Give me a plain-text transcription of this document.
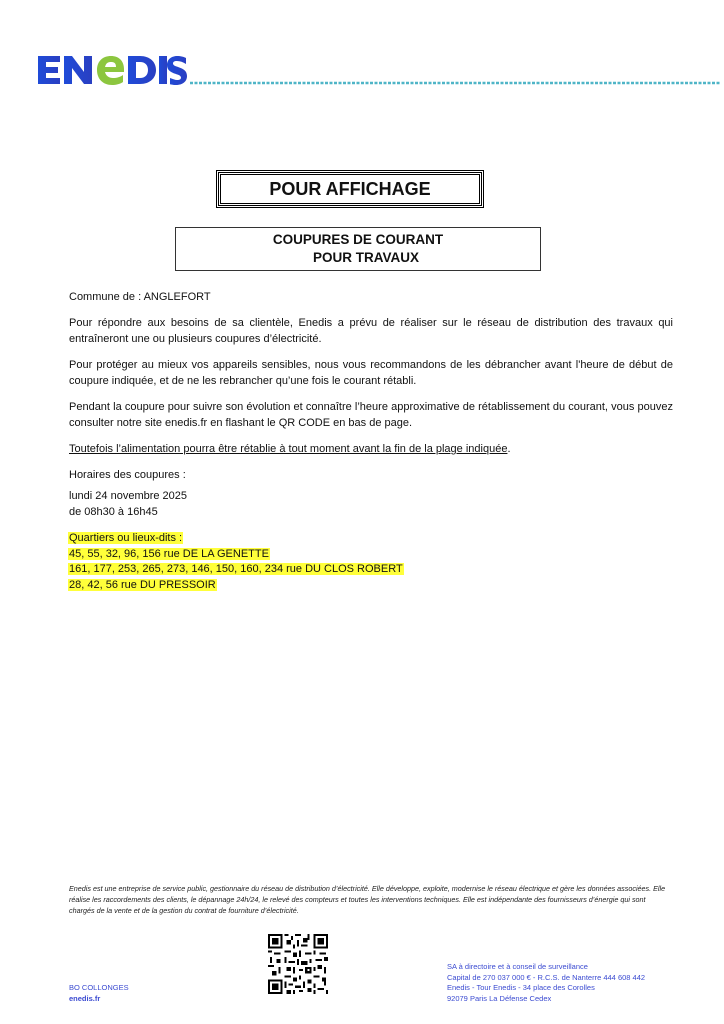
POUR AFFICHAGE
COUPURES DE COURANT
POUR TRAVAUX

Commune de : ANGLEFORT

Pour répondre aux besoins de sa clientèle, Enedis a prévu de réaliser sur le réseau de distribution des travaux qui entraîneront une ou plusieurs coupures d’électricité.

Pour protéger au mieux vos appareils sensibles, nous vous recommandons de les débrancher avant l'heure de début de coupure indiquée, et de ne les rebrancher qu’une fois le courant rétabli.

Pendant la coupure pour suivre son évolution et connaître l’heure approximative de rétablissement du courant, vous pouvez consulter notre site enedis.fr en flashant le QR CODE en bas de page.

Toutefois l’alimentation pourra être rétablie à tout moment avant la fin de la plage indiquée.

Horaires des coupures :

lundi 24 novembre 2025
de 08h30 à 16h45
Quartiers ou lieux-dits :
45, 55, 32, 96, 156 rue DE LA GENETTE
161, 177, 253, 265, 273, 146, 150, 160, 234 rue DU CLOS ROBERT
28, 42, 56 rue DU PRESSOIR
Enedis est une entreprise de service public, gestionnaire du réseau de distribution d’électricité. Elle développe, exploite, modernise le réseau électrique et gère les données associées. Elle réalise les raccordements des clients, le dépannage 24h/24, le relevé des compteurs et toutes les interventions techniques. Elle est indépendante des fournisseurs d’énergie qui sont chargés de la vente et de la gestion du contrat de fourniture d’électricité.
BO COLLONGES
enedis.fr
SA à directoire et à conseil de surveillance
Capital de 270 037 000 € - R.C.S. de Nanterre 444 608 442
Enedis - Tour Enedis - 34 place des Corolles
92079 Paris La Défense Cedex
